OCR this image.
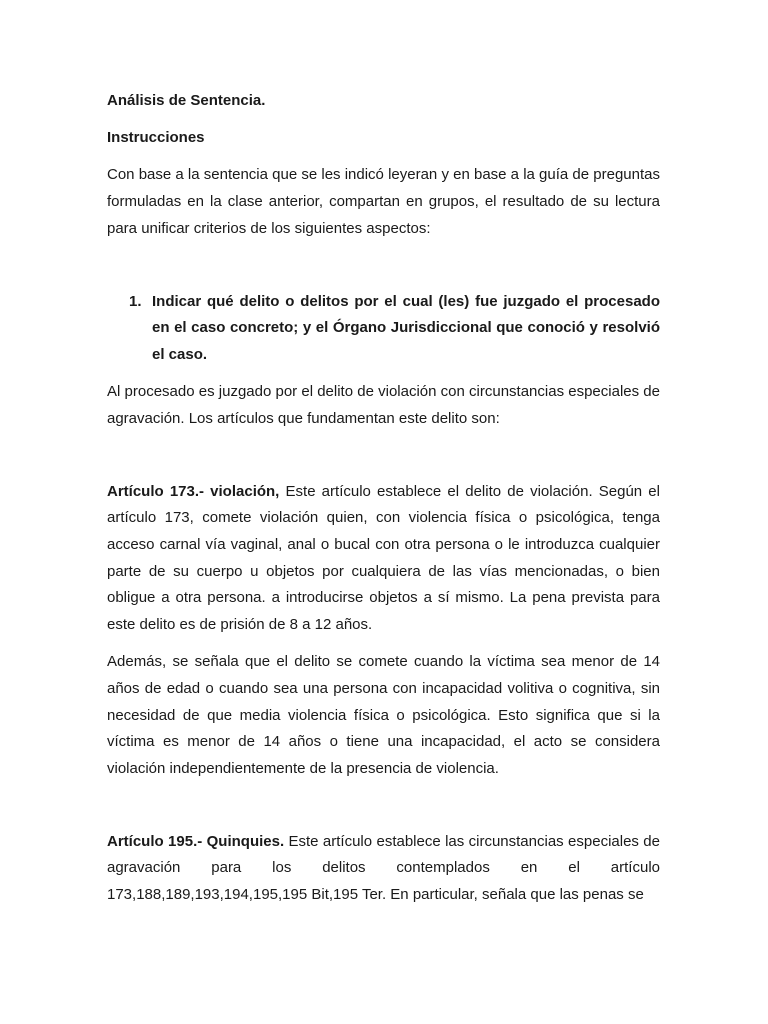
Análisis de Sentencia.
Instrucciones

Con base a la sentencia que se les indicó leyeran y en base a la guía de preguntas formuladas en la clase anterior, compartan en grupos, el resultado de su lectura para unificar criterios de los siguientes aspectos:

1. Indicar qué delito o delitos por el cual (les) fue juzgado el procesado en el caso concreto; y el Órgano Jurisdiccional que conoció y resolvió el caso.

Al procesado es juzgado por el delito de violación con circunstancias especiales de agravación. Los artículos que fundamentan este delito son:

Artículo 173.- violación, Este artículo establece el delito de violación. Según el artículo 173, comete violación quien, con violencia física o psicológica, tenga acceso carnal vía vaginal, anal o bucal con otra persona o le introduzca cualquier parte de su cuerpo u objetos por cualquiera de las vías mencionadas, o bien obligue a otra persona. a introducirse objetos a sí mismo. La pena prevista para este delito es de prisión de 8 a 12 años.

Además, se señala que el delito se comete cuando la víctima sea menor de 14 años de edad o cuando sea una persona con incapacidad volitiva o cognitiva, sin necesidad de que media violencia física o psicológica. Esto significa que si la víctima es menor de 14 años o tiene una incapacidad, el acto se considera violación independientemente de la presencia de violencia.

Artículo 195.- Quinquies. Este artículo establece las circunstancias especiales de agravación para los delitos contemplados en el artículo 173,188,189,193,194,195,195 Bit,195 Ter. En particular, señala que las penas se
